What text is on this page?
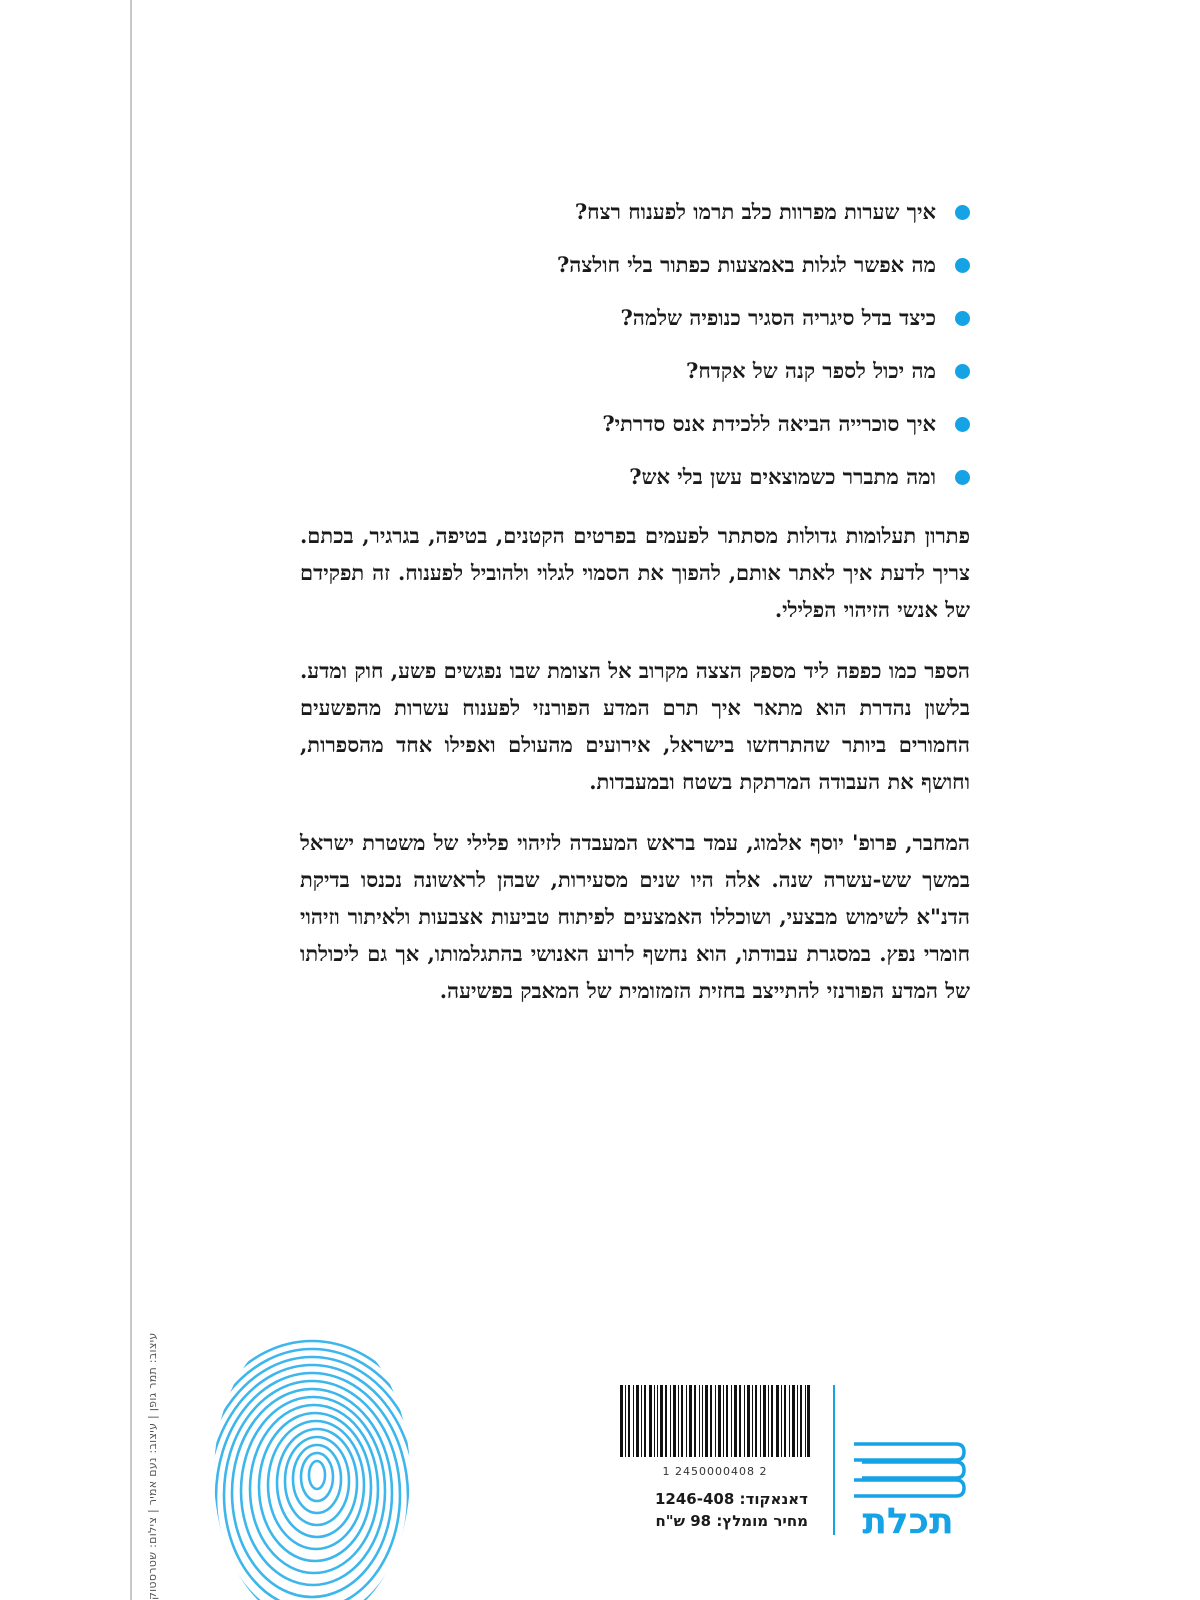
עיצוב: תמר גופן | עיצוב: נעם אמיר | צילום: שטרסטוק
איך שערות מפרוות כלב תרמו לפענוח רצח?
מה אפשר לגלות באמצעות כפתור בלי חולצה?
כיצד בדל סיגריה הסגיר כנופיה שלמה?
מה יכול לספר קנה של אקדח?
איך סוכרייה הביאה ללכידת אנס סדרתי?
ומה מתברר כשמוצאים עשן בלי אש?

פתרון תעלומות גדולות מסתתר לפעמים בפרטים הקטנים, בטיפה, בגרגיר, בכתם. צריך לדעת איך לאתר אותם, להפוך את הסמוי לגלוי ולהוביל לפענוח. זה תפקידם של אנשי הזיהוי הפלילי.

הספר כמו כפפה ליד מספק הצצה מקרוב אל הצומת שבו נפגשים פשע, חוק ומדע. בלשון נהדרת הוא מתאר איך תרם המדע הפורנזי לפענוח עשרות מהפשעים החמורים ביותר שהתרחשו בישראל, אירועים מהעולם ואפילו אחד מהספרות, וחושף את העבודה המרתקת בשטח ובמעבדות.

המחבר, פרופ' יוסף אלמוג, עמד בראש המעבדה לזיהוי פלילי של משטרת ישראל במשך שש-עשרה שנה. אלה היו שנים מסעירות, שבהן לראשונה נכנסו בדיקת הדנ"א לשימוש מבצעי, ושוכללו האמצעים לפיתוח טביעות אצבעות ולאיתור וזיהוי חומרי נפץ. במסגרת עבודתו, הוא נחשף לרוע האנושי בהתגלמותו, אך גם ליכולתו של המדע הפורנזי להתייצב בחזית הזמזומית של המאבק בפשיעה.

1 2450000408 2
דאנאקוד: 1246-408
מחיר מומלץ: 98 ש"ח	תכלת
